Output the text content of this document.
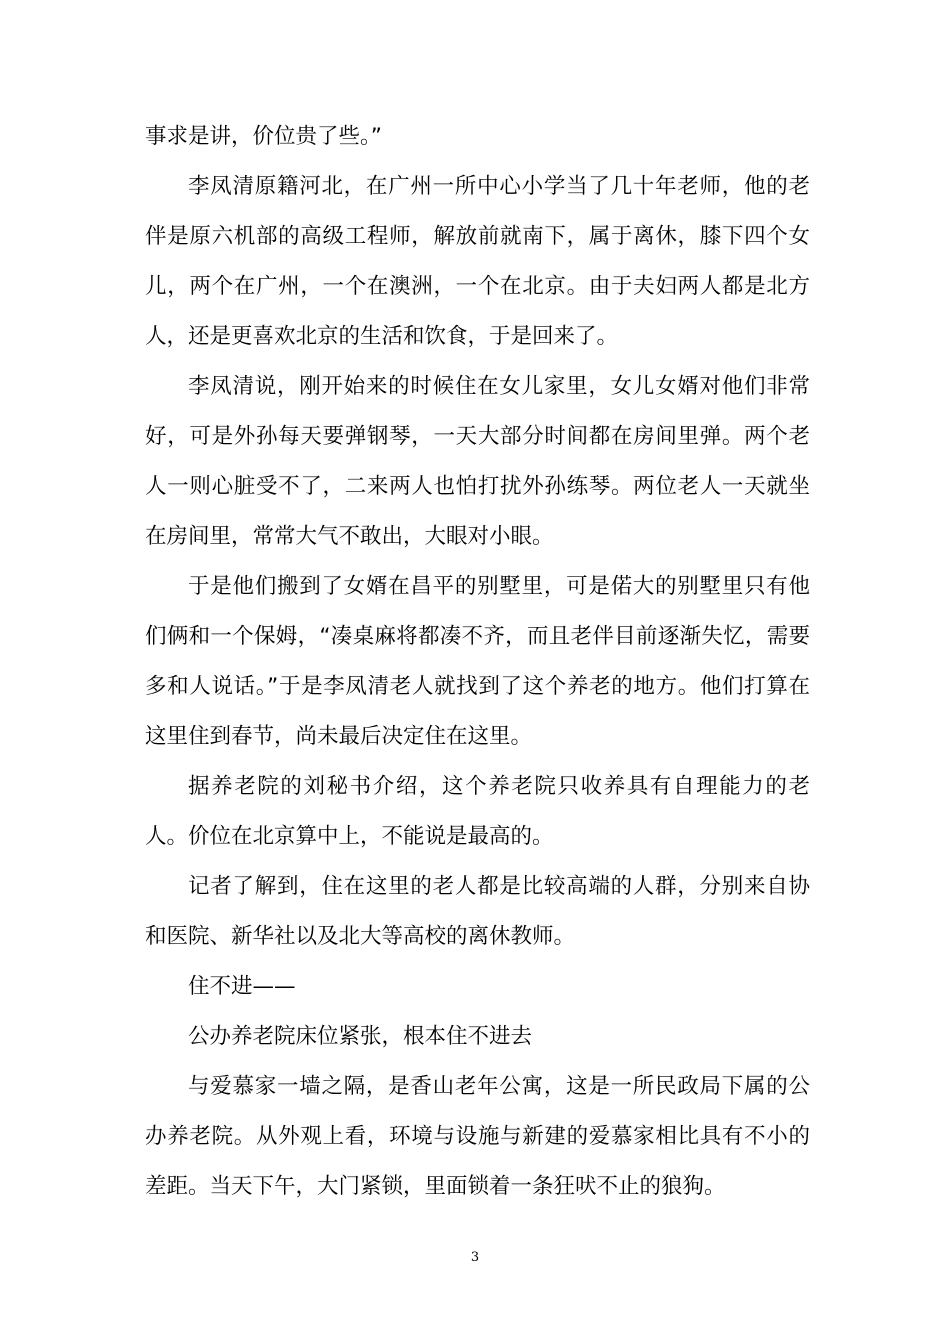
事求是讲，价位贵了些。”

李凤清原籍河北，在广州一所中心小学当了几十年老师，他的老伴是原六机部的高级工程师，解放前就南下，属于离休，膝下四个女儿，两个在广州，一个在澳洲，一个在北京。由于夫妇两人都是北方人，还是更喜欢北京的生活和饮食，于是回来了。

李凤清说，刚开始来的时候住在女儿家里，女儿女婿对他们非常好，可是外孙每天要弹钢琴，一天大部分时间都在房间里弹。两个老人一则心脏受不了，二来两人也怕打扰外孙练琴。两位老人一天就坐在房间里，常常大气不敢出，大眼对小眼。

于是他们搬到了女婿在昌平的别墅里，可是偌大的别墅里只有他们俩和一个保姆，“凑桌麻将都凑不齐，而且老伴目前逐渐失忆，需要多和人说话。”于是李凤清老人就找到了这个养老的地方。他们打算在这里住到春节，尚未最后决定住在这里。

据养老院的刘秘书介绍，这个养老院只收养具有自理能力的老人。价位在北京算中上，不能说是最高的。

记者了解到，住在这里的老人都是比较高端的人群，分别来自协和医院、新华社以及北大等高校的离休教师。

住不进——

公办养老院床位紧张，根本住不进去

与爱慕家一墙之隔，是香山老年公寓，这是一所民政局下属的公办养老院。从外观上看，环境与设施与新建的爱慕家相比具有不小的差距。当天下午，大门紧锁，里面锁着一条狂吠不止的狼狗。

3
